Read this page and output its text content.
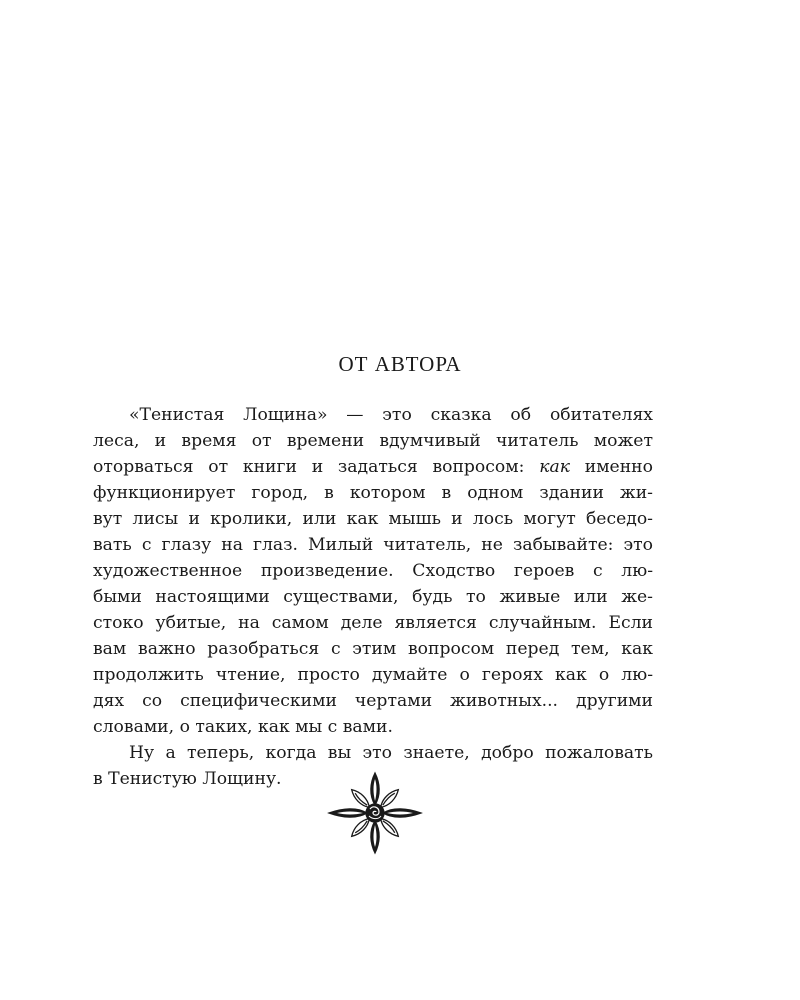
ОТ АВТОРА
«Тенистая Лощина» — это сказка об обитателях
леса, и время от времени вдумчивый читатель может
оторваться от книги и задаться вопросом: как именно
функционирует город, в котором в одном здании жи-
вут лисы и кролики, или как мышь и лось могут беседо-
вать с глазу на глаз. Милый читатель, не забывайте: это
художественное произведение. Сходство героев с лю-
быми настоящими существами, будь то живые или же-
стоко убитые, на самом деле является случайным. Если
вам важно разобраться с этим вопросом перед тем, как
продолжить чтение, просто думайте о героях как о лю-
дях со специфическими чертами животных... другими
словами, о таких, как мы с вами.
Ну а теперь, когда вы это знаете, добро пожаловать
в Тенистую Лощину.
